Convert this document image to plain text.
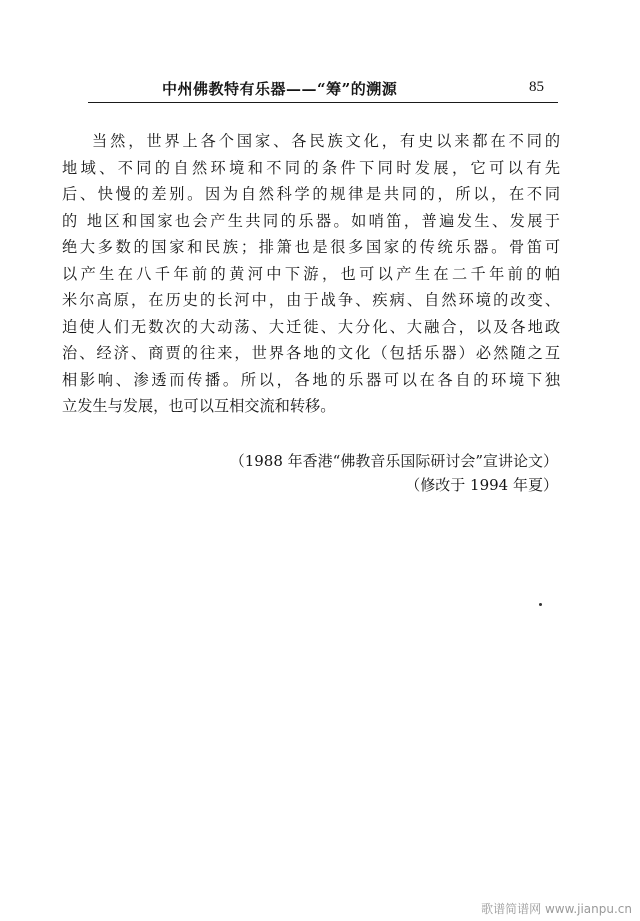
中州佛教特有乐器——“筹”的溯源	85
当然，世界上各个国家、各民族文化，有史以来都在不同的
地域、不同的自然环境和不同的条件下同时发展，它可以有先
后、快慢的差别。因为自然科学的规律是共同的，所以，在不同
的 地区和国家也会产生共同的乐器。如哨笛，普遍发生、发展于
绝大多数的国家和民族；排箫也是很多国家的传统乐器。骨笛可
以产生在八千年前的黄河中下游，也可以产生在二千年前的帕
米尔高原，在历史的长河中，由于战争、疾病、自然环境的改变、
迫使人们无数次的大动荡、大迁徙、大分化、大融合，以及各地政
治、经济、商贾的往来，世界各地的文化（包括乐器）必然随之互
相影响、渗透而传播。所以，各地的乐器可以在各自的环境下独
立发生与发展，也可以互相交流和转移。
（1988 年香港“佛教音乐国际研讨会”宣讲论文）
（修改于 1994 年夏）
歌谱简谱网 www.jianpu.cn
